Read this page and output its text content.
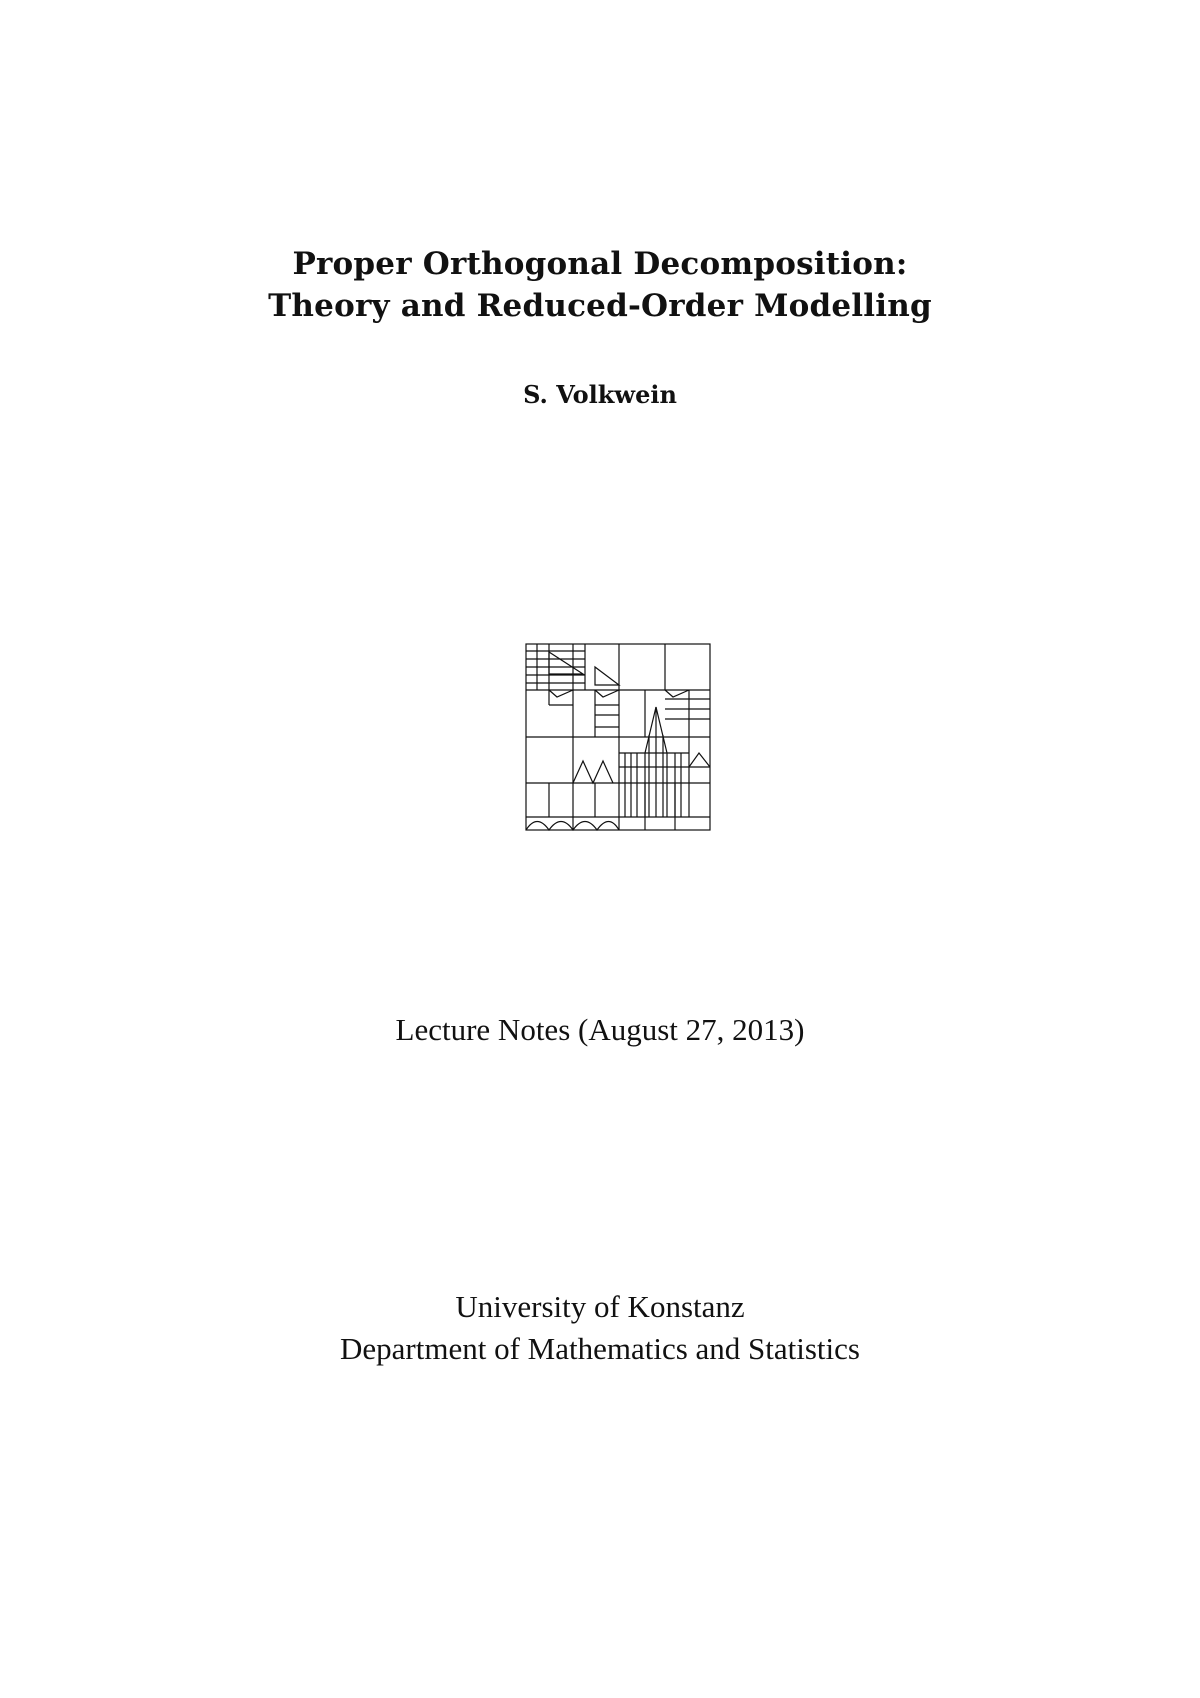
Proper Orthogonal Decomposition:
Theory and Reduced-Order Modelling
S. Volkwein
Lecture Notes (August 27, 2013)
University of Konstanz
Department of Mathematics and Statistics
